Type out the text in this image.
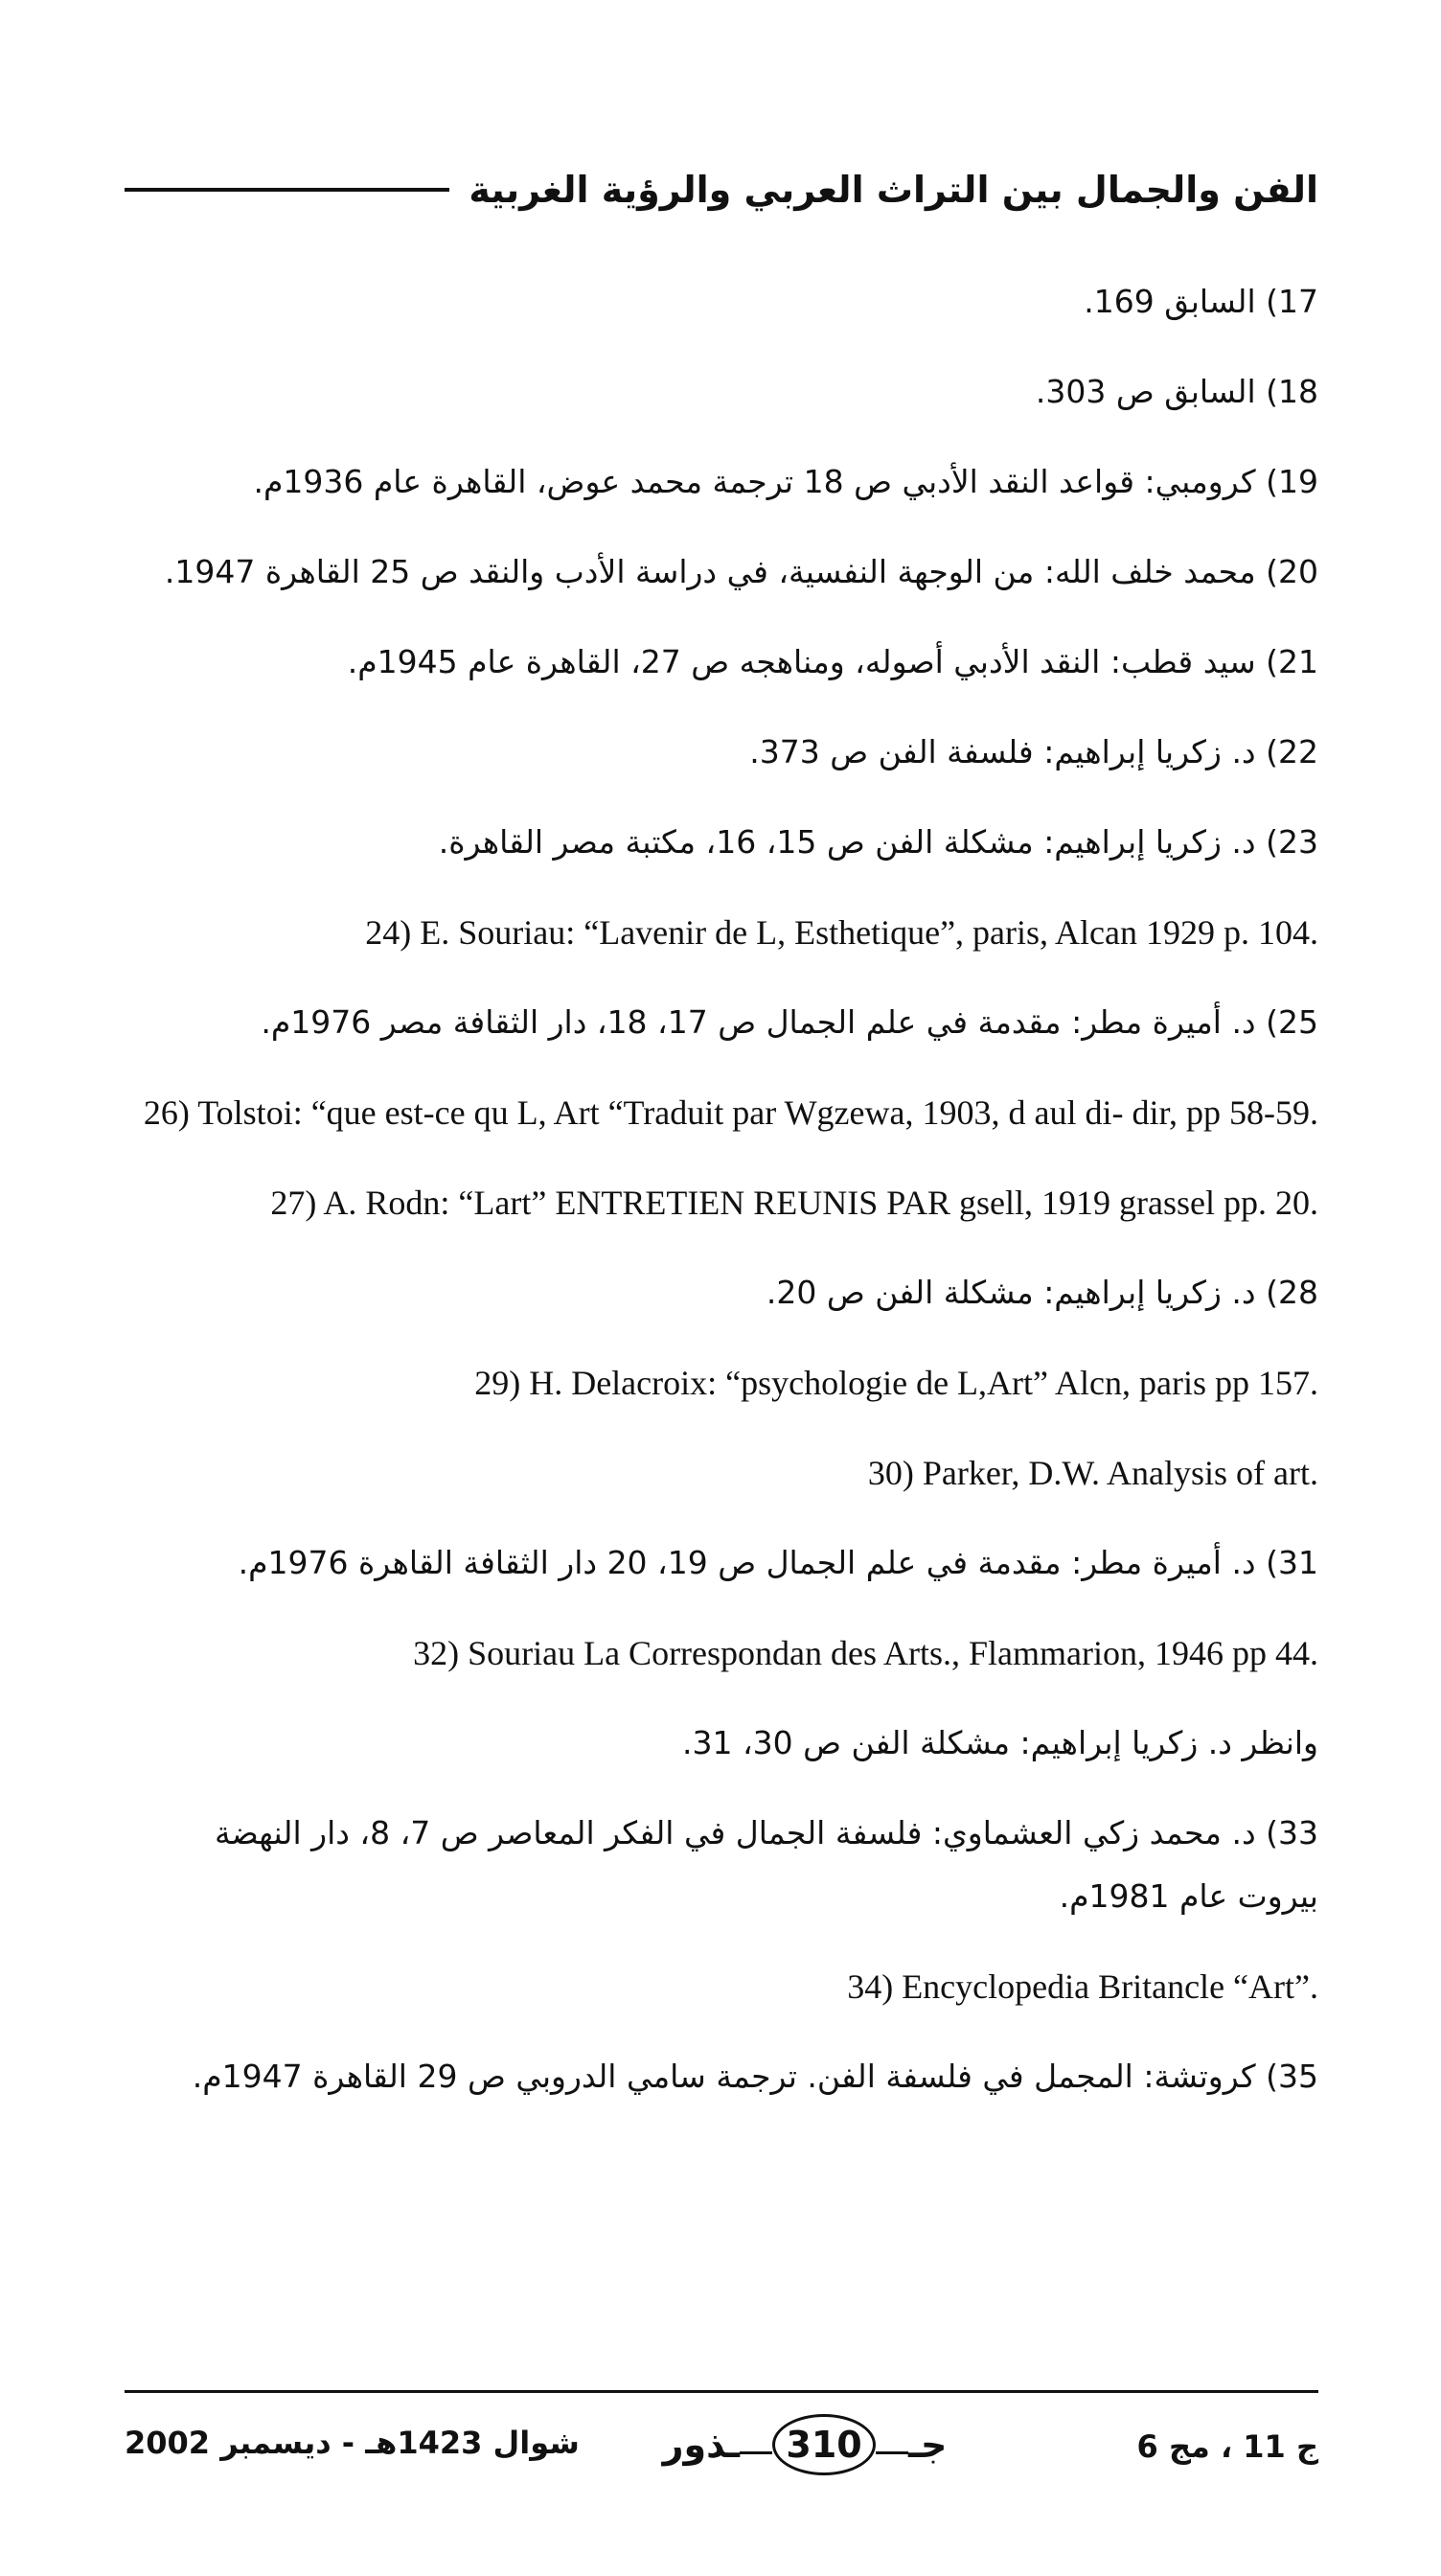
الفن والجمال بين التراث العربي والرؤية الغربية
17) السابق 169.
18) السابق ص 303.
19) كرومبي: قواعد النقد الأدبي ص 18 ترجمة محمد عوض، القاهرة عام 1936م.
20) محمد خلف الله: من الوجهة النفسية، في دراسة الأدب والنقد ص 25 القاهرة 1947.
21) سيد قطب: النقد الأدبي أصوله، ومناهجه ص 27، القاهرة عام 1945م.
22) د. زكريا إبراهيم: فلسفة الفن ص 373.
23) د. زكريا إبراهيم: مشكلة الفن ص 15، 16، مكتبة مصر القاهرة.
24) E. Souriau: “Lavenir de L, Esthetique”, paris, Alcan 1929 p. 104.
25) د. أميرة مطر: مقدمة في علم الجمال ص 17، 18، دار الثقافة مصر 1976م.
26) Tolstoi: “que est-ce qu L, Art “Traduit par Wgzewa, 1903, d aul di- dir, pp 58-59.
27) A. Rodn: “Lart” ENTRETIEN REUNIS PAR gsell, 1919 grassel pp. 20.
28) د. زكريا إبراهيم: مشكلة الفن ص 20.
29) H. Delacroix: “psychologie de L,Art” Alcn, paris pp 157.
30) Parker, D.W. Analysis of art.
31) د. أميرة مطر: مقدمة في علم الجمال ص 19، 20 دار الثقافة القاهرة 1976م.
32) Souriau La Correspondan des Arts., Flammarion, 1946 pp 44.
وانظر د. زكريا إبراهيم: مشكلة الفن ص 30، 31.
33) د. محمد زكي العشماوي: فلسفة الجمال في الفكر المعاصر ص 7، 8، دار النهضة بيروت عام 1981م.
34) Encyclopedia Britancle “Art”.
35) كروتشة: المجمل في فلسفة الفن. ترجمة سامي الدروبي ص 29 القاهرة 1947م.
ج 11 ، مج 6
جـ
310
ـذور
شوال 1423هـ - ديسمبر 2002
